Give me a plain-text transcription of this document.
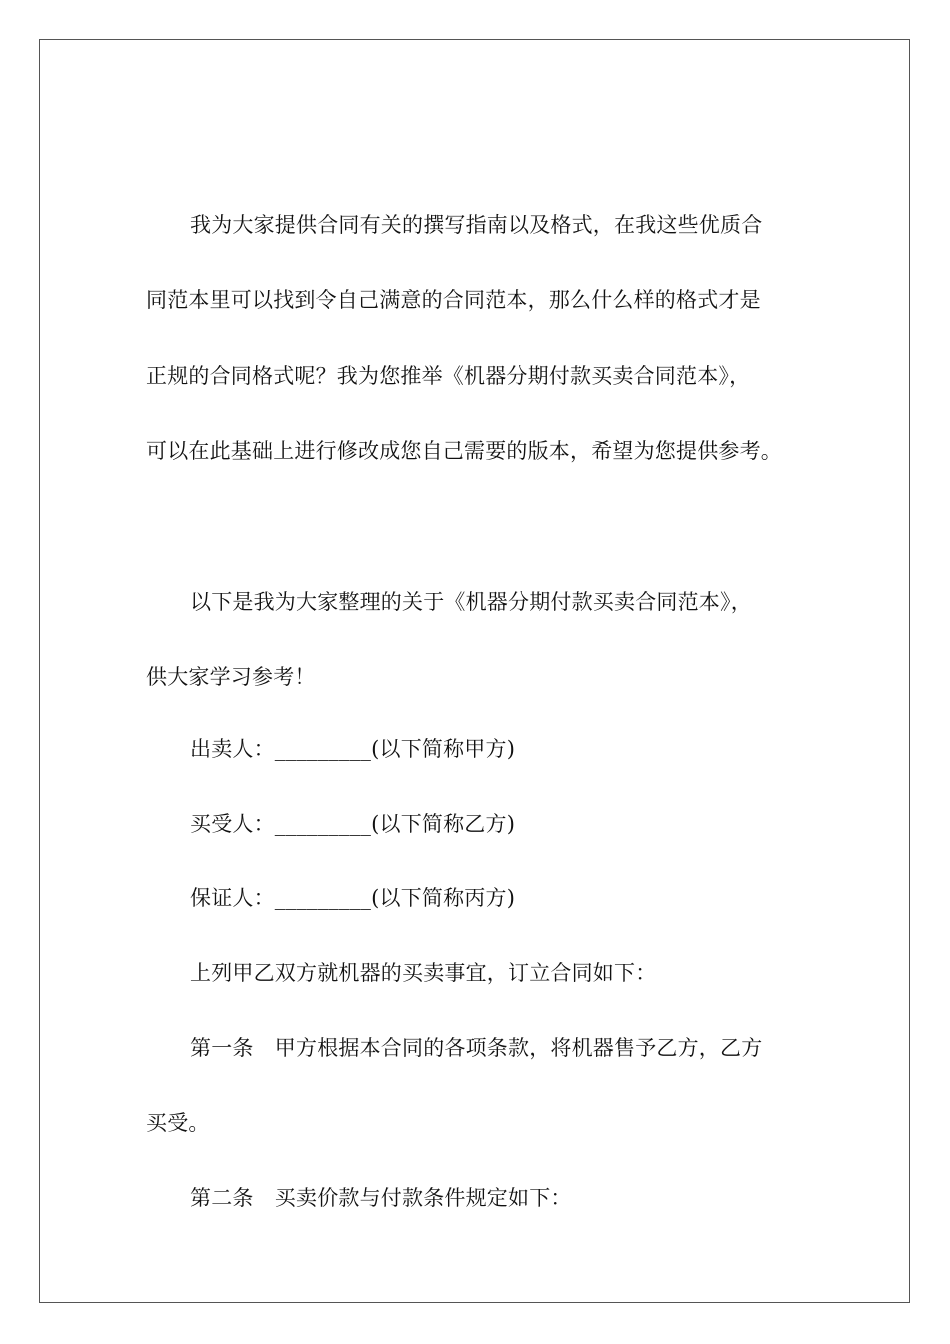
我为大家提供合同有关的撰写指南以及格式，在我这些优质合
同范本里可以找到令自己满意的合同范本，那么什么样的格式才是
正规的合同格式呢？我为您推举《机器分期付款买卖合同范本》，
可以在此基础上进行修改成您自己需要的版本，希望为您提供参考。
以下是我为大家整理的关于《机器分期付款买卖合同范本》，
供大家学习参考！
出卖人：_________(以下简称甲方)
买受人：_________(以下简称乙方)
保证人：_________(以下简称丙方)
上列甲乙双方就机器的买卖事宜，订立合同如下：
第一条　甲方根据本合同的各项条款，将机器售予乙方，乙方
买受。
第二条　买卖价款与付款条件规定如下：
